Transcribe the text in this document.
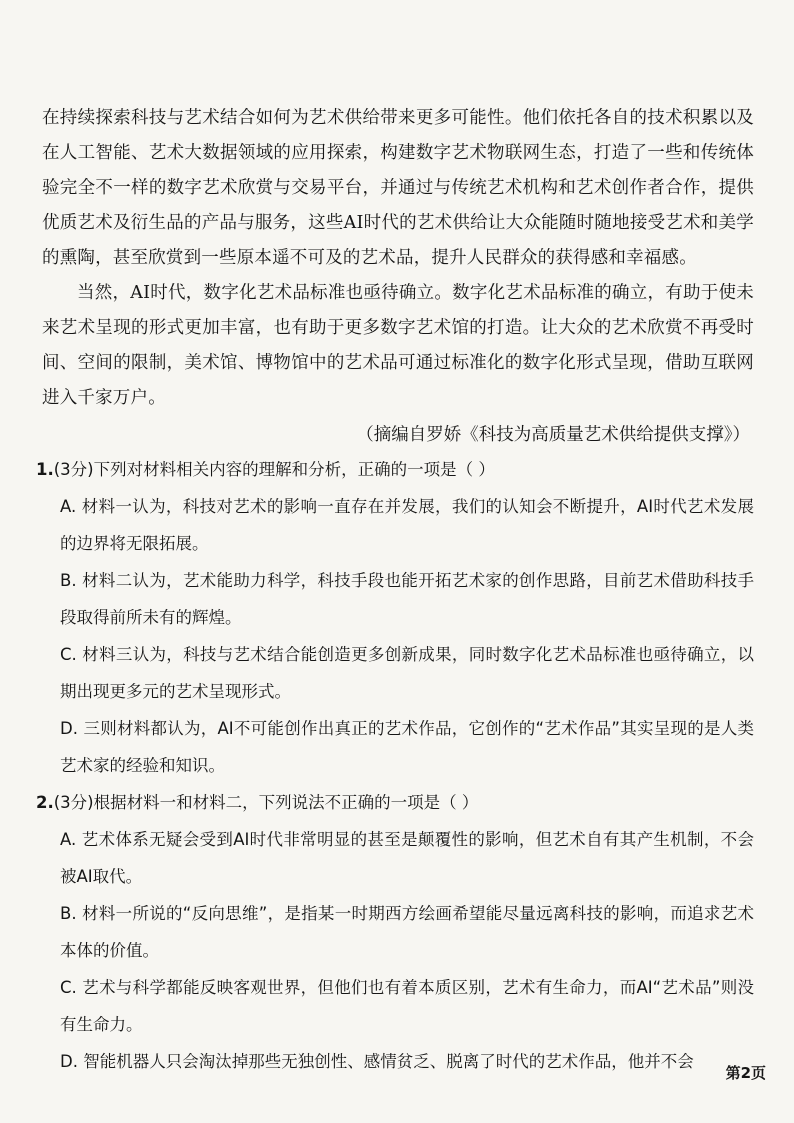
在持续探索科技与艺术结合如何为艺术供给带来更多可能性。他们依托各自的技术积累以及在人工智能、艺术大数据领域的应用探索，构建数字艺术物联网生态，打造了一些和传统体验完全不一样的数字艺术欣赏与交易平台，并通过与传统艺术机构和艺术创作者合作，提供优质艺术及衍生品的产品与服务，这些AI时代的艺术供给让大众能随时随地接受艺术和美学的熏陶，甚至欣赏到一些原本遥不可及的艺术品，提升人民群众的获得感和幸福感。

当然，AI时代，数字化艺术品标准也亟待确立。数字化艺术品标准的确立，有助于使未来艺术呈现的形式更加丰富，也有助于更多数字艺术馆的打造。让大众的艺术欣赏不再受时间、空间的限制，美术馆、博物馆中的艺术品可通过标准化的数字化形式呈现，借助互联网进入千家万户。

（摘编自罗娇《科技为高质量艺术供给提供支撑》）

1.(3分)下列对材料相关内容的理解和分析，正确的一项是（ ）

A. 材料一认为，科技对艺术的影响一直存在并发展，我们的认知会不断提升，AI时代艺术发展的边界将无限拓展。

B. 材料二认为，艺术能助力科学，科技手段也能开拓艺术家的创作思路，目前艺术借助科技手段取得前所未有的辉煌。

C. 材料三认为，科技与艺术结合能创造更多创新成果，同时数字化艺术品标准也亟待确立，以期出现更多元的艺术呈现形式。

D. 三则材料都认为，AI不可能创作出真正的艺术作品，它创作的“艺术作品”其实呈现的是人类艺术家的经验和知识。

2.(3分)根据材料一和材料二，下列说法不正确的一项是（ ）

A. 艺术体系无疑会受到AI时代非常明显的甚至是颠覆性的影响，但艺术自有其产生机制，不会被AI取代。

B. 材料一所说的“反向思维”，是指某一时期西方绘画希望能尽量远离科技的影响，而追求艺术本体的价值。

C. 艺术与科学都能反映客观世界，但他们也有着本质区别，艺术有生命力，而AI“艺术品”则没有生命力。

D. 智能机器人只会淘汰掉那些无独创性、感情贫乏、脱离了时代的艺术作品，他并不会

第2页
